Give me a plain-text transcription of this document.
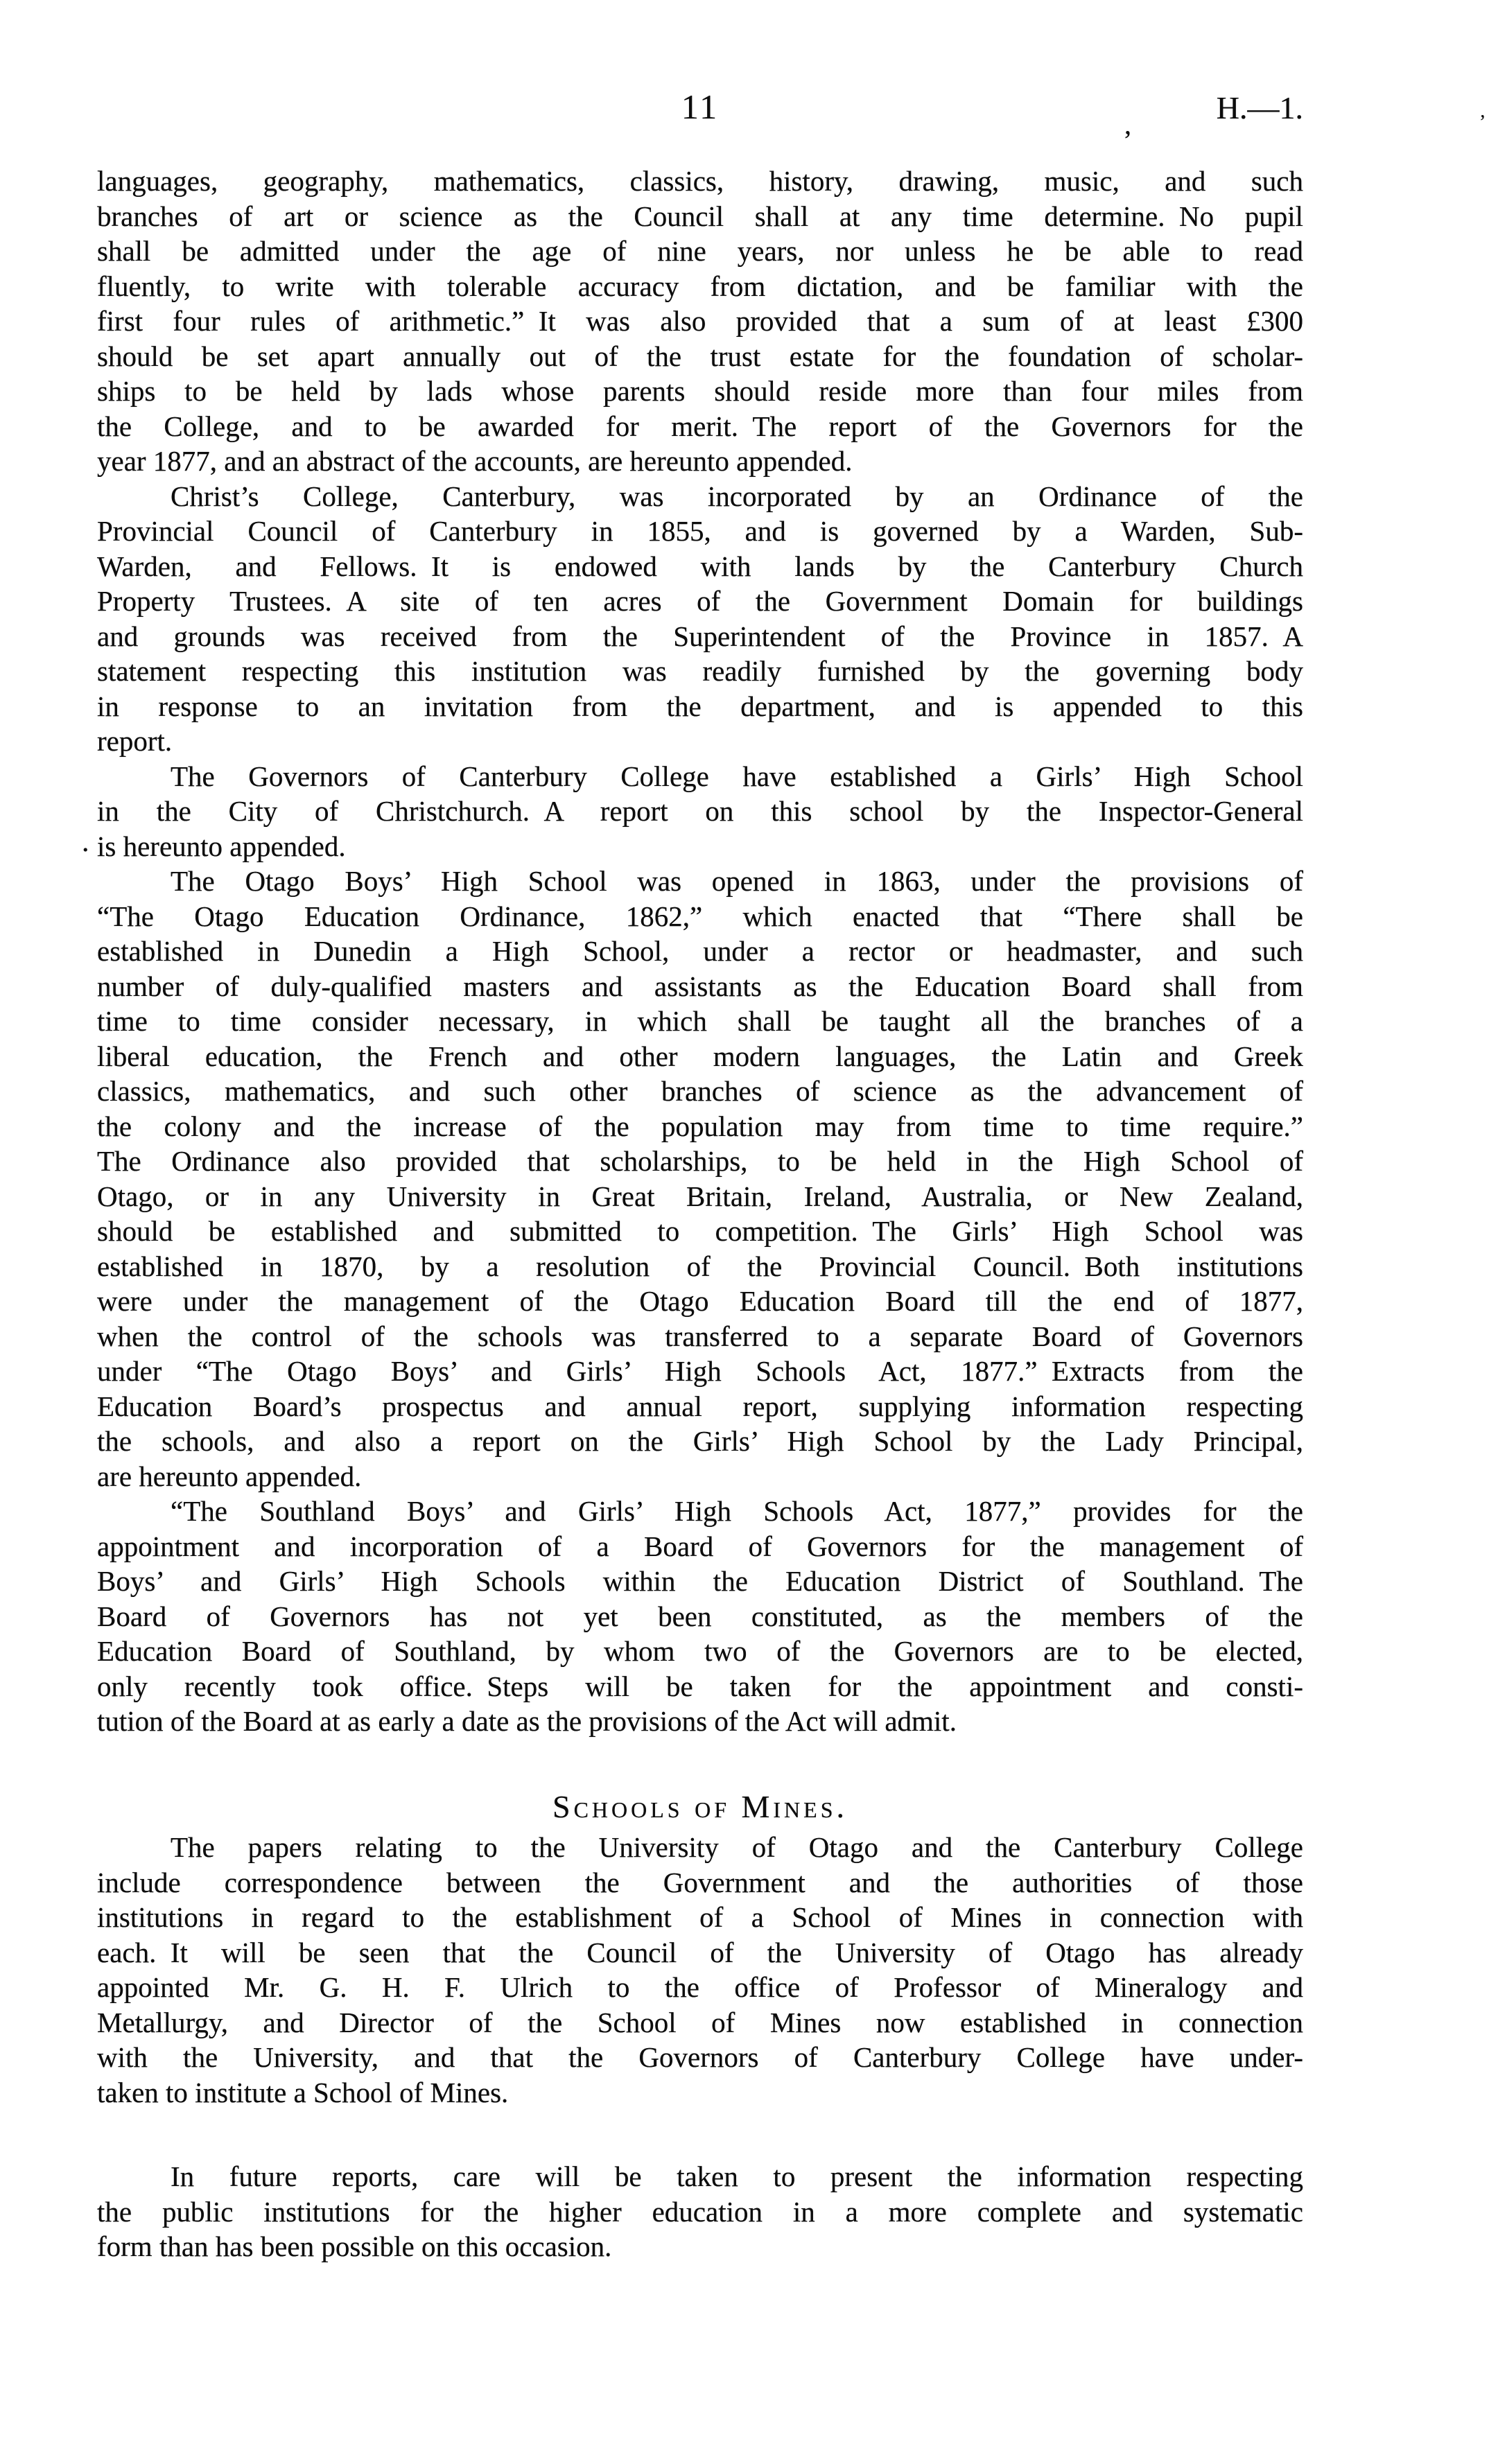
11	H.—1.
languages, geography, mathematics, classics, history, drawing, music, and such
branches of art or science as the Council shall at any time determine. No pupil
shall be admitted under the age of nine years, nor unless he be able to read
fluently, to write with tolerable accuracy from dictation, and be familiar with the
first four rules of arithmetic.” It was also provided that a sum of at least £300
should be set apart annually out of the trust estate for the foundation of scholar-
ships to be held by lads whose parents should reside more than four miles from
the College, and to be awarded for merit. The report of the Governors for the
year 1877, and an abstract of the accounts, are hereunto appended.
Christ’s College, Canterbury, was incorporated by an Ordinance of the
Provincial Council of Canterbury in 1855, and is governed by a Warden, Sub-
Warden, and Fellows. It is endowed with lands by the Canterbury Church
Property Trustees. A site of ten acres of the Government Domain for buildings
and grounds was received from the Superintendent of the Province in 1857. A
statement respecting this institution was readily furnished by the governing body
in response to an invitation from the department, and is appended to this
report.
The Governors of Canterbury College have established a Girls’ High School
in the City of Christchurch. A report on this school by the Inspector-General
is hereunto appended.
The Otago Boys’ High School was opened in 1863, under the provisions of
“The Otago Education Ordinance, 1862,” which enacted that “There shall be
established in Dunedin a High School, under a rector or headmaster, and such
number of duly-qualified masters and assistants as the Education Board shall from
time to time consider necessary, in which shall be taught all the branches of a
liberal education, the French and other modern languages, the Latin and Greek
classics, mathematics, and such other branches of science as the advancement of
the colony and the increase of the population may from time to time require.”
The Ordinance also provided that scholarships, to be held in the High School of
Otago, or in any University in Great Britain, Ireland, Australia, or New Zealand,
should be established and submitted to competition. The Girls’ High School was
established in 1870, by a resolution of the Provincial Council. Both institutions
were under the management of the Otago Education Board till the end of 1877,
when the control of the schools was transferred to a separate Board of Governors
under “The Otago Boys’ and Girls’ High Schools Act, 1877.” Extracts from the
Education Board’s prospectus and annual report, supplying information respecting
the schools, and also a report on the Girls’ High School by the Lady Principal,
are hereunto appended.
“The Southland Boys’ and Girls’ High Schools Act, 1877,” provides for the
appointment and incorporation of a Board of Governors for the management of
Boys’ and Girls’ High Schools within the Education District of Southland. The
Board of Governors has not yet been constituted, as the members of the
Education Board of Southland, by whom two of the Governors are to be elected,
only recently took office. Steps will be taken for the appointment and consti-
tution of the Board at as early a date as the provisions of the Act will admit.
Schools of Mines.
The papers relating to the University of Otago and the Canterbury College
include correspondence between the Government and the authorities of those
institutions in regard to the establishment of a School of Mines in connection with
each. It will be seen that the Council of the University of Otago has already
appointed Mr. G. H. F. Ulrich to the office of Professor of Mineralogy and
Metallurgy, and Director of the School of Mines now established in connection
with the University, and that the Governors of Canterbury College have under-
taken to institute a School of Mines.
In future reports, care will be taken to present the information respecting
the public institutions for the higher education in a more complete and systematic
form than has been possible on this occasion.
,	’
.
